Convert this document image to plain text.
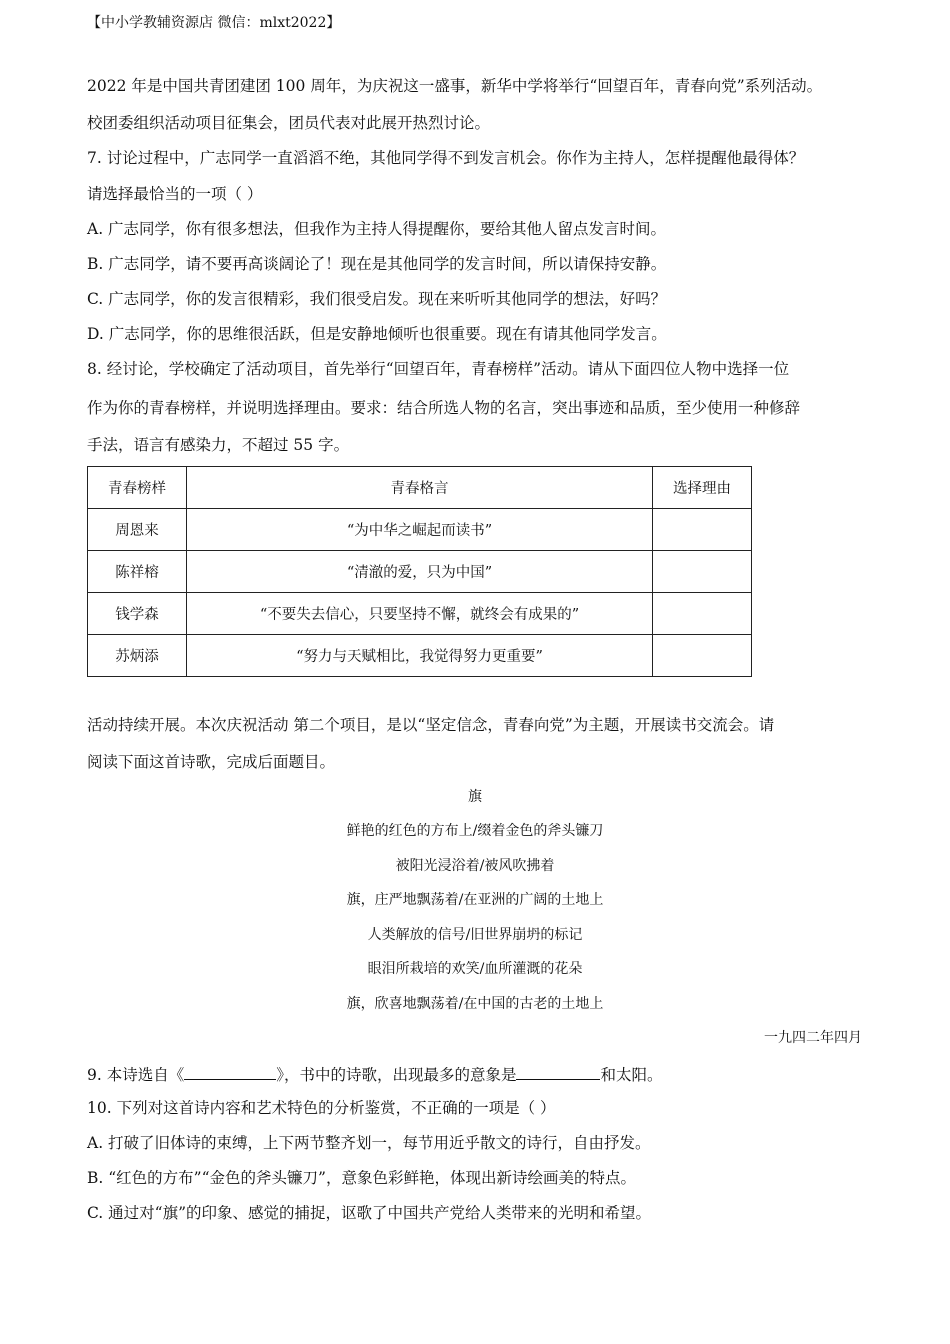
【中小学教辅资源店 微信：mlxt2022】
2022 年是中国共青团建团 100 周年，为庆祝这一盛事，新华中学将举行“回望百年，青春向党”系列活动。
校团委组织活动项目征集会，团员代表对此展开热烈讨论。
7. 讨论过程中，广志同学一直滔滔不绝，其他同学得不到发言机会。你作为主持人，怎样提醒他最得体？
请选择最恰当的一项（ ）
A. 广志同学，你有很多想法，但我作为主持人得提醒你，要给其他人留点发言时间。
B. 广志同学，请不要再高谈阔论了！现在是其他同学的发言时间，所以请保持安静。
C. 广志同学，你的发言很精彩，我们很受启发。现在来听听其他同学的想法，好吗？
D. 广志同学，你的思维很活跃，但是安静地倾听也很重要。现在有请其他同学发言。
8. 经讨论，学校确定了活动项目，首先举行“回望百年，青春榜样”活动。请从下面四位人物中选择一位
作为你的青春榜样，并说明选择理由。要求：结合所选人物的名言，突出事迹和品质，至少使用一种修辞
手法，语言有感染力，不超过 55 字。
青春榜样	青春格言	选择理由
周恩来	“为中华之崛起而读书”	
陈祥榕	“清澈的爱，只为中国”	
钱学森	“不要失去信心，只要坚持不懈，就终会有成果的”	
苏炳添	“努力与天赋相比，我觉得努力更重要”	
活动持续开展。本次庆祝活动 第二个项目，是以“坚定信念，青春向党”为主题，开展读书交流会。请
阅读下面这首诗歌，完成后面题目。
旗
鲜艳的红色的方布上/缀着金色的斧头镰刀
被阳光浸浴着/被风吹拂着
旗，庄严地飘荡着/在亚洲的广阔的土地上
人类解放的信号/旧世界崩坍的标记
眼泪所栽培的欢笑/血所灌溉的花朵
旗，欣喜地飘荡着/在中国的古老的土地上
一九四二年四月
9. 本诗选自《	》，书中的诗歌，出现最多的意象是	和太阳。
10. 下列对这首诗内容和艺术特色的分析鉴赏，不正确的一项是（ ）
A. 打破了旧体诗的束缚，上下两节整齐划一，每节用近乎散文的诗行，自由抒发。
B. “红色的方布”“金色的斧头镰刀”，意象色彩鲜艳，体现出新诗绘画美的特点。
C. 通过对“旗”的印象、感觉的捕捉，讴歌了中国共产党给人类带来的光明和希望。
